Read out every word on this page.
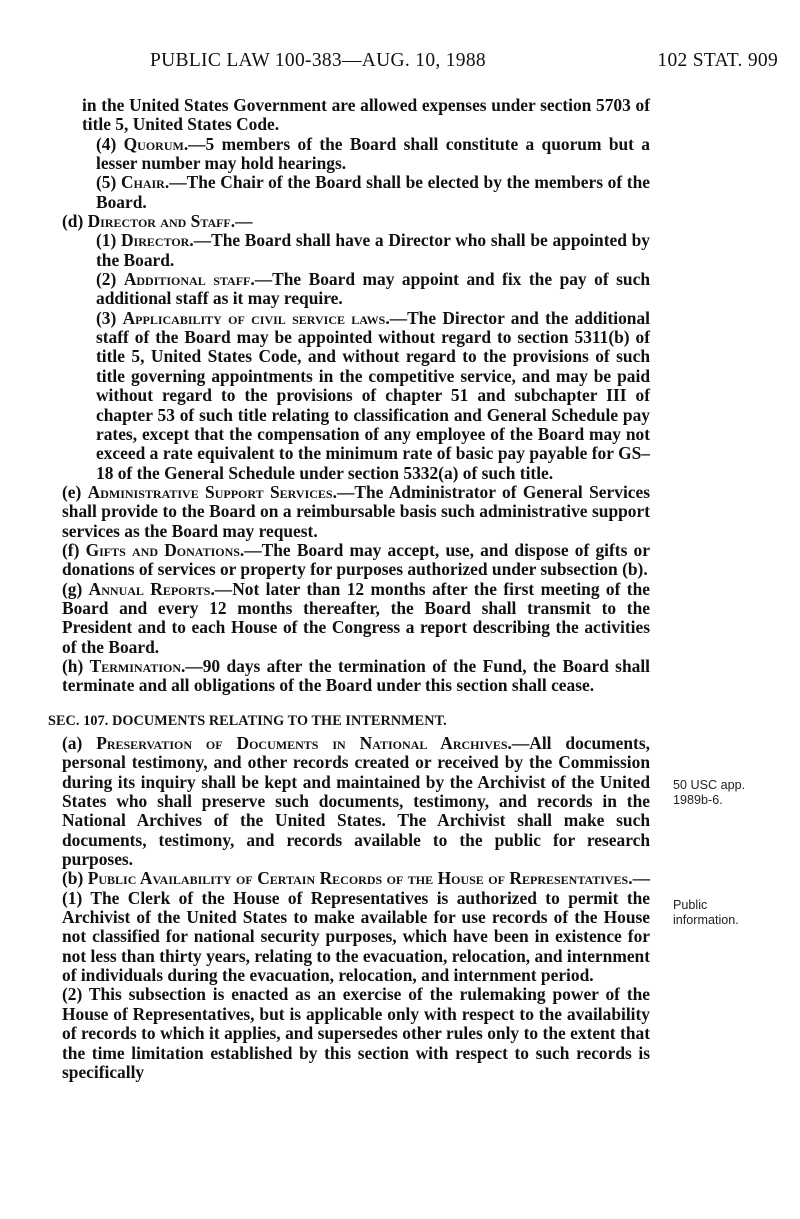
PUBLIC LAW 100-383—AUG. 10, 1988	102 STAT. 909

in the United States Government are allowed expenses under section 5703 of title 5, United States Code.

(4) Quorum.—5 members of the Board shall constitute a quorum but a lesser number may hold hearings.

(5) Chair.—The Chair of the Board shall be elected by the members of the Board.

(d) Director and Staff.—

(1) Director.—The Board shall have a Director who shall be appointed by the Board.

(2) Additional staff.—The Board may appoint and fix the pay of such additional staff as it may require.

(3) Applicability of civil service laws.—The Director and the additional staff of the Board may be appointed without regard to section 5311(b) of title 5, United States Code, and without regard to the provisions of such title governing appointments in the competitive service, and may be paid without regard to the provisions of chapter 51 and subchapter III of chapter 53 of such title relating to classification and General Schedule pay rates, except that the compensation of any employee of the Board may not exceed a rate equivalent to the minimum rate of basic pay payable for GS–18 of the General Schedule under section 5332(a) of such title.

(e) Administrative Support Services.—The Administrator of General Services shall provide to the Board on a reimbursable basis such administrative support services as the Board may request.

(f) Gifts and Donations.—The Board may accept, use, and dispose of gifts or donations of services or property for purposes authorized under subsection (b).

(g) Annual Reports.—Not later than 12 months after the first meeting of the Board and every 12 months thereafter, the Board shall transmit to the President and to each House of the Congress a report describing the activities of the Board.

(h) Termination.—90 days after the termination of the Fund, the Board shall terminate and all obligations of the Board under this section shall cease.

SEC. 107. DOCUMENTS RELATING TO THE INTERNMENT.

(a) Preservation of Documents in National Archives.—All documents, personal testimony, and other records created or received by the Commission during its inquiry shall be kept and maintained by the Archivist of the United States who shall preserve such documents, testimony, and records in the National Archives of the United States. The Archivist shall make such documents, testimony, and records available to the public for research purposes.

(b) Public Availability of Certain Records of the House of Representatives.—(1) The Clerk of the House of Representatives is authorized to permit the Archivist of the United States to make available for use records of the House not classified for national security purposes, which have been in existence for not less than thirty years, relating to the evacuation, relocation, and internment of individuals during the evacuation, relocation, and internment period.

(2) This subsection is enacted as an exercise of the rulemaking power of the House of Representatives, but is applicable only with respect to the availability of records to which it applies, and supersedes other rules only to the extent that the time limitation established by this section with respect to such records is specifically

50 USC app.
1989b-6.
Public
information.
